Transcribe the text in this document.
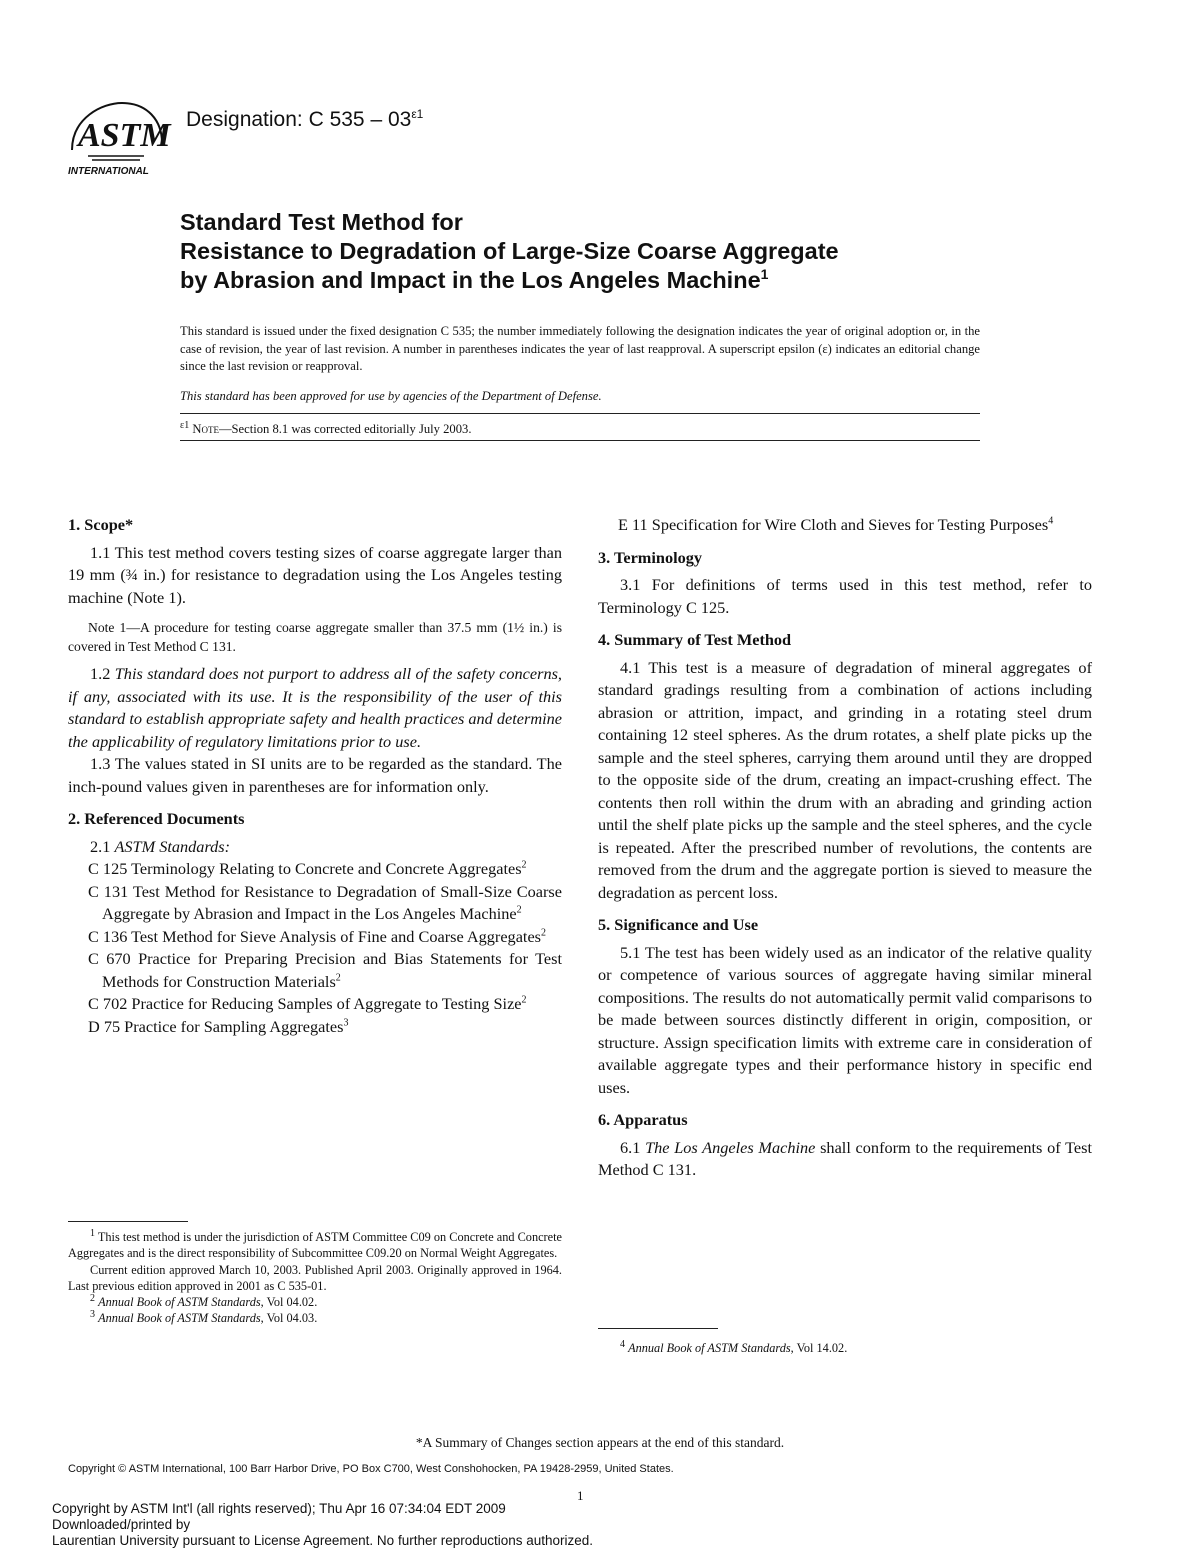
ASTM
INTERNATIONAL
Designation: C $535 - 03^{\varepsilon 1}$
Standard Test Method for
Resistance to Degradation of Large-Size Coarse Aggregate
by Abrasion and Impact in the Los Angeles Machine$^1$
This standard is issued under the fixed designation C 535; the number immediately following the designation indicates the year of original adoption or, in the case of revision, the year of last revision. A number in parentheses indicates the year of last reapproval. A superscript epsilon (ε) indicates an editorial change since the last revision or reapproval.
This standard has been approved for use by agencies of the Department of Defense.
$^{\varepsilon 1}$ Note—Section 8.1 was corrected editorially July 2003.

1. Scope*

1.1 This test method covers testing sizes of coarse aggregate larger than 19 mm (¾ in.) for resistance to degradation using the Los Angeles testing machine (Note 1).

Note 1—A procedure for testing coarse aggregate smaller than 37.5 mm (1½ in.) is covered in Test Method C 131.

1.2 This standard does not purport to address all of the safety concerns, if any, associated with its use. It is the responsibility of the user of this standard to establish appropriate safety and health practices and determine the applicability of regulatory limitations prior to use.

1.3 The values stated in SI units are to be regarded as the standard. The inch-pound values given in parentheses are for information only.

2. Referenced Documents

2.1 ASTM Standards:

C 125 Terminology Relating to Concrete and Concrete Aggregates$^2$

C 131 Test Method for Resistance to Degradation of Small-Size Coarse Aggregate by Abrasion and Impact in the Los Angeles Machine$^2$

C 136 Test Method for Sieve Analysis of Fine and Coarse Aggregates$^2$

C 670 Practice for Preparing Precision and Bias Statements for Test Methods for Construction Materials$^2$

C 702 Practice for Reducing Samples of Aggregate to Testing Size$^2$

D 75 Practice for Sampling Aggregates$^3$

E 11 Specification for Wire Cloth and Sieves for Testing Purposes$^4$

3. Terminology

3.1 For definitions of terms used in this test method, refer to Terminology C 125.

4. Summary of Test Method

4.1 This test is a measure of degradation of mineral aggregates of standard gradings resulting from a combination of actions including abrasion or attrition, impact, and grinding in a rotating steel drum containing 12 steel spheres. As the drum rotates, a shelf plate picks up the sample and the steel spheres, carrying them around until they are dropped to the opposite side of the drum, creating an impact-crushing effect. The contents then roll within the drum with an abrading and grinding action until the shelf plate picks up the sample and the steel spheres, and the cycle is repeated. After the prescribed number of revolutions, the contents are removed from the drum and the aggregate portion is sieved to measure the degradation as percent loss.

5. Significance and Use

5.1 The test has been widely used as an indicator of the relative quality or competence of various sources of aggregate having similar mineral compositions. The results do not automatically permit valid comparisons to be made between sources distinctly different in origin, composition, or structure. Assign specification limits with extreme care in consideration of available aggregate types and their performance history in specific end uses.

6. Apparatus

6.1 The Los Angeles Machine shall conform to the requirements of Test Method C 131.

$^1$ This test method is under the jurisdiction of ASTM Committee C09 on Concrete and Concrete Aggregates and is the direct responsibility of Subcommittee C09.20 on Normal Weight Aggregates.

Current edition approved March 10, 2003. Published April 2003. Originally approved in 1964. Last previous edition approved in 2001 as C 535-01.

$^2$ Annual Book of ASTM Standards, Vol 04.02.

$^3$ Annual Book of ASTM Standards, Vol 04.03.

$^4$ Annual Book of ASTM Standards, Vol 14.02.

*A Summary of Changes section appears at the end of this standard.
Copyright © ASTM International, 100 Barr Harbor Drive, PO Box C700, West Conshohocken, PA 19428-2959, United States.
1
Copyright by ASTM Int'l (all rights reserved); Thu Apr 16 07:34:04 EDT 2009
Downloaded/printed by
Laurentian University pursuant to License Agreement. No further reproductions authorized.
